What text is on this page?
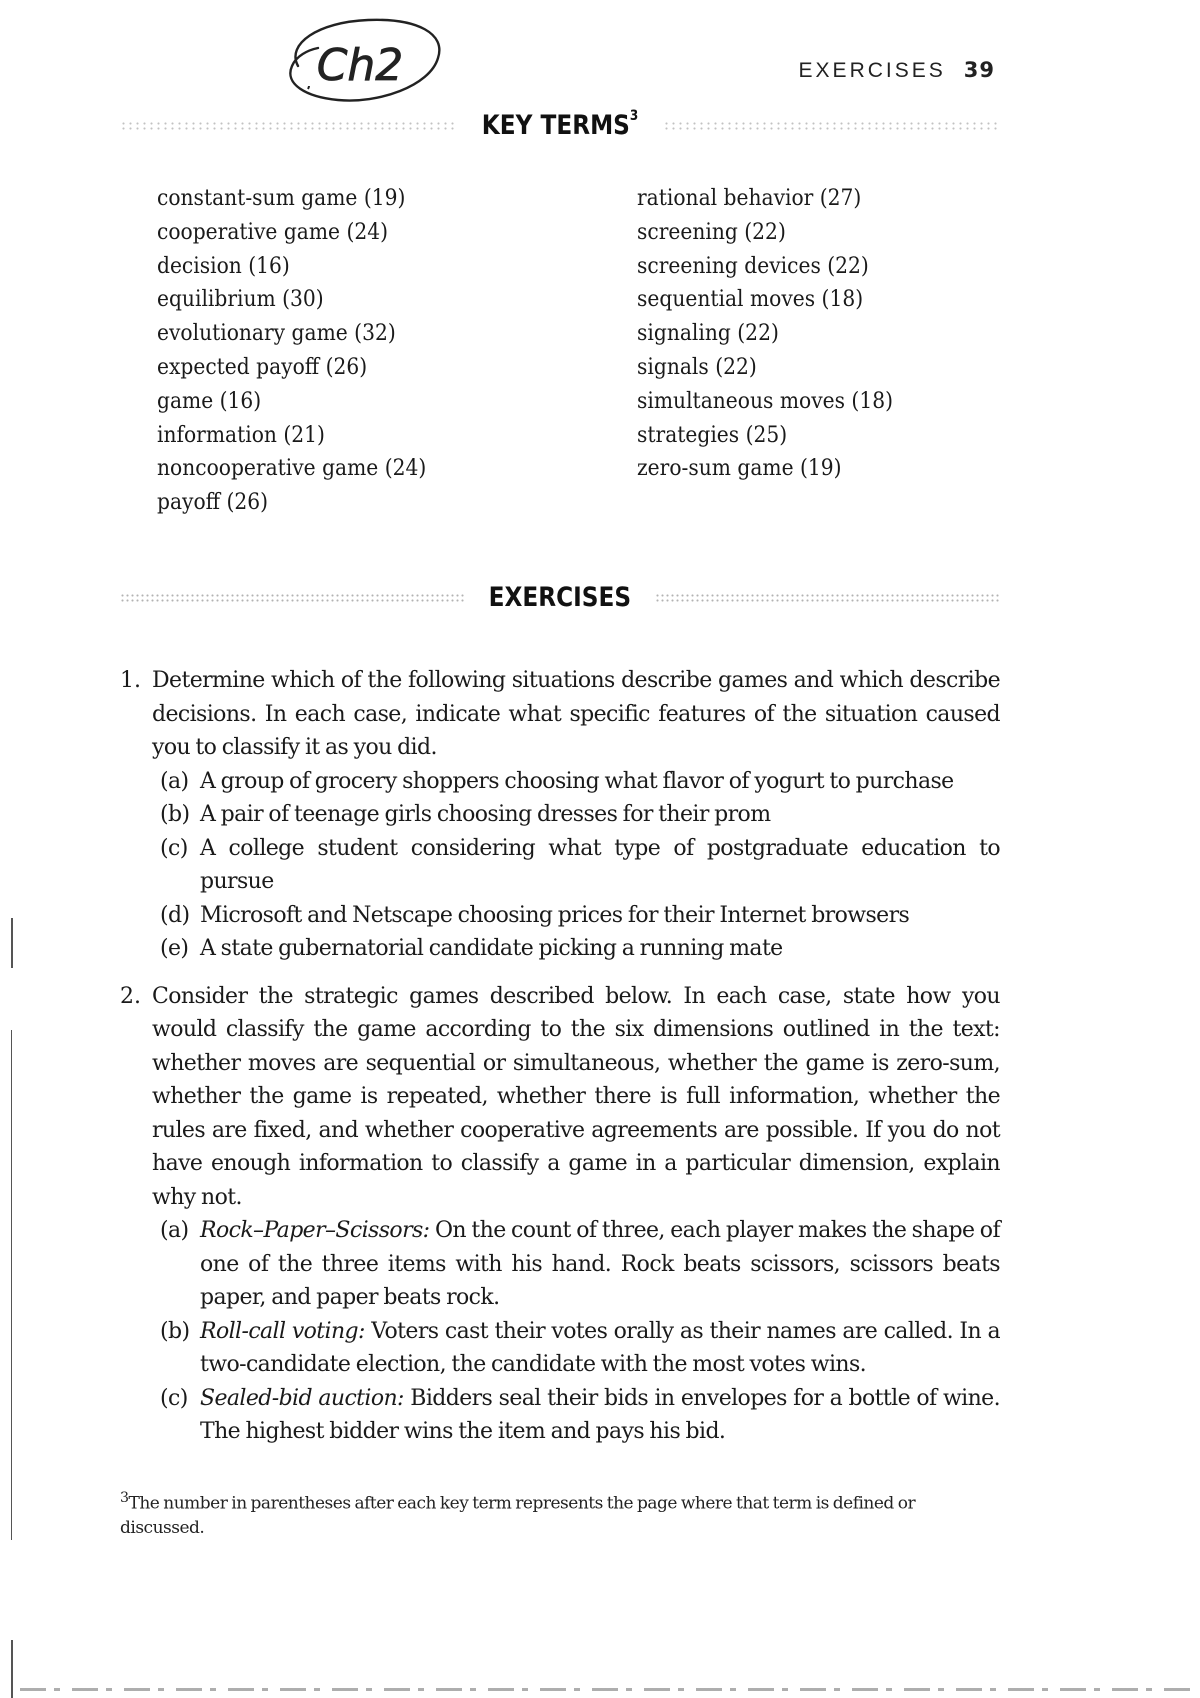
Ch2	EXERCISES 39
KEY TERMS$^3$
constant-sum game (19)
cooperative game (24)
decision (16)
equilibrium (30)
evolutionary game (32)
expected payoff (26)
game (16)
information (21)
noncooperative game (24)
payoff (26)
rational behavior (27)
screening (22)
screening devices (22)
sequential moves (18)
signaling (22)
signals (22)
simultaneous moves (18)
strategies (25)
zero-sum game (19)
EXERCISES
1. Determine which of the following situations describe games and which describe decisions. In each case, indicate what specific features of the situation caused you to classify it as you did.
(a) A group of grocery shoppers choosing what flavor of yogurt to purchase
(b) A pair of teenage girls choosing dresses for their prom
(c) A college student considering what type of postgraduate education to pursue
(d) Microsoft and Netscape choosing prices for their Internet browsers
(e) A state gubernatorial candidate picking a running mate
2. Consider the strategic games described below. In each case, state how you would classify the game according to the six dimensions outlined in the text: whether moves are sequential or simultaneous, whether the game is zero-sum, whether the game is repeated, whether there is full information, whether the rules are fixed, and whether cooperative agreements are possible. If you do not have enough information to classify a game in a particular dimension, explain why not.
(a) Rock–Paper–Scissors: On the count of three, each player makes the shape of one of the three items with his hand. Rock beats scissors, scissors beats paper, and paper beats rock.
(b) Roll-call voting: Voters cast their votes orally as their names are called. In a two-candidate election, the candidate with the most votes wins.
(c) Sealed-bid auction: Bidders seal their bids in envelopes for a bottle of wine. The highest bidder wins the item and pays his bid.
$^3$The number in parentheses after each key term represents the page where that term is defined or discussed.
